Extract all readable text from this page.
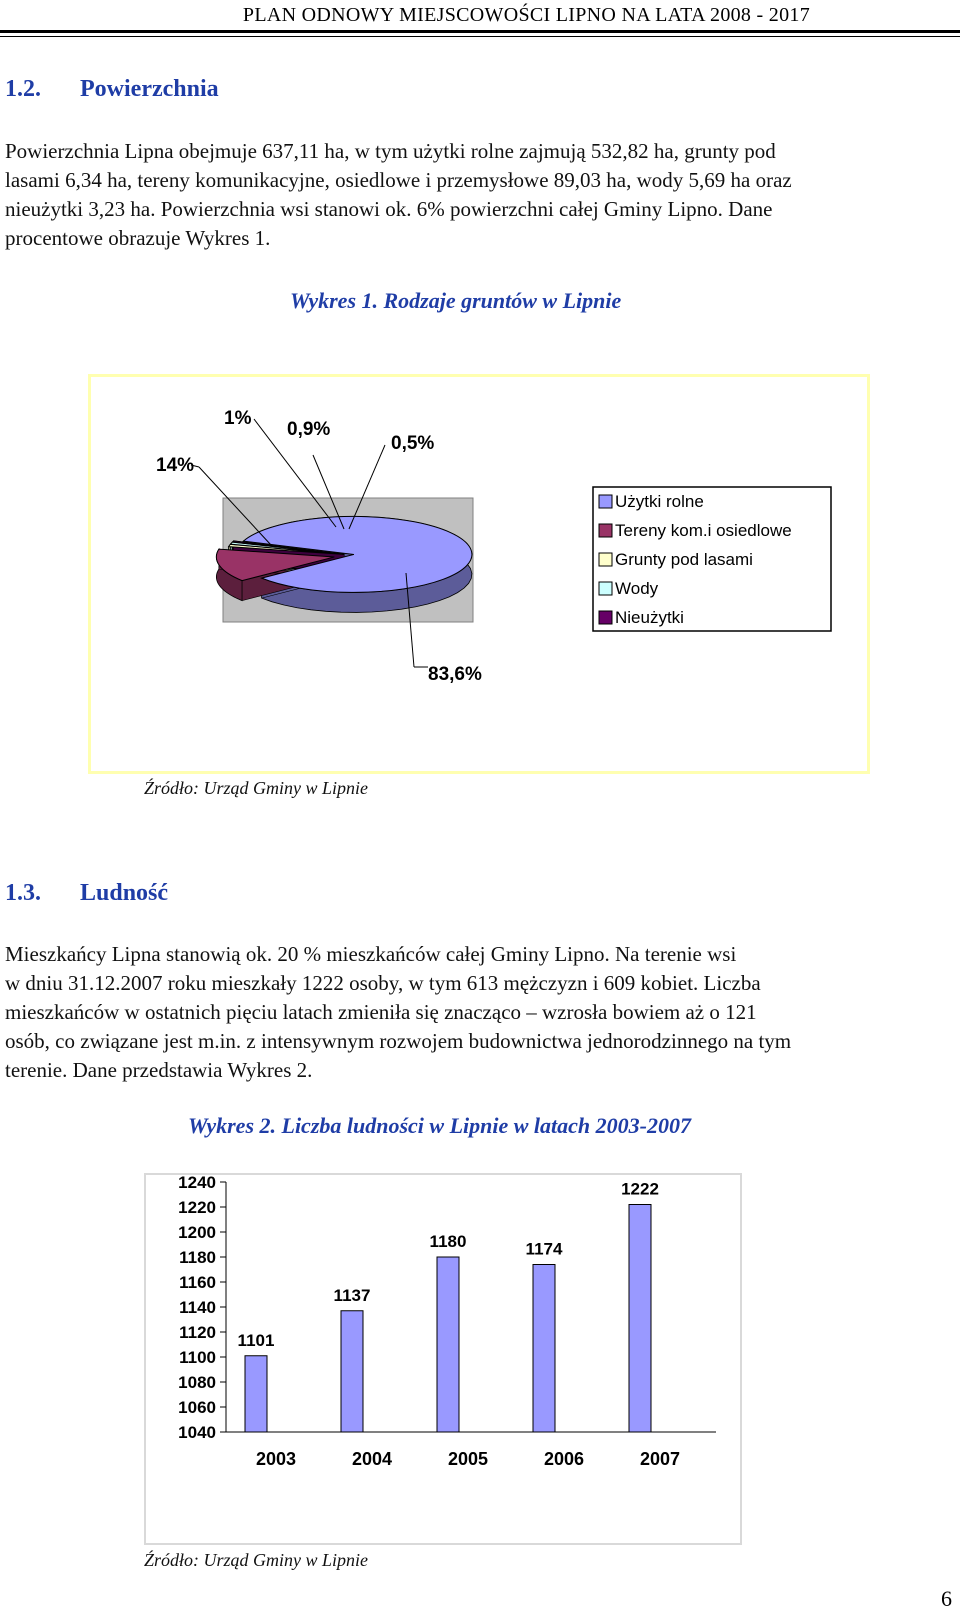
PLAN ODNOWY MIEJSCOWOŚCI LIPNO NA LATA 2008 - 2017
1.2. Powierzchnia
Powierzchnia Lipna obejmuje 637,11 ha, w tym użytki rolne zajmują 532,82 ha, grunty pod
lasami 6,34 ha, tereny komunikacyjne, osiedlowe i przemysłowe 89,03 ha, wody 5,69 ha oraz
nieużytki 3,23 ha. Powierzchnia wsi stanowi ok. 6% powierzchni całej Gminy Lipno. Dane
procentowe obrazuje Wykres 1.
Wykres 1. Rodzaje gruntów w Lipnie
83,6%
14%
1%
0,9%
0,5%
Użytki rolne
Tereny kom.i osiedlowe
Grunty pod lasami
Wody
Nieużytki
Źródło: Urząd Gminy w Lipnie
1.3. Ludność
Mieszkańcy Lipna stanowią ok. 20 % mieszkańców całej Gminy Lipno. Na terenie wsi
w dniu 31.12.2007 roku mieszkały 1222 osoby, w tym 613 mężczyzn i 609 kobiet. Liczba
mieszkańców w ostatnich pięciu latach zmieniła się znacząco – wzrosła bowiem aż o 121
osób, co związane jest m.in. z intensywnym rozwojem budownictwa jednorodzinnego na tym
terenie. Dane przedstawia Wykres 2.
Wykres 2. Liczba ludności w Lipnie w latach 2003-2007
1240
1220
1200
1180
1160
1140
1120
1100
1080
1060
1040
1101
2003
1137
2004
1180
2005
1174
2006
1222
2007
Źródło: Urząd Gminy w Lipnie
6
